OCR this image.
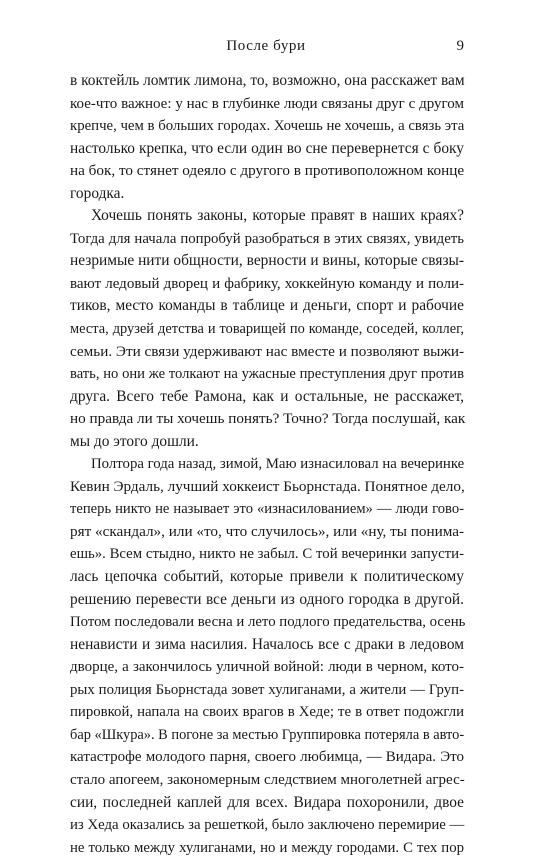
После бури	9
в коктейль ломтик лимона, то, возможно, она расскажет вам
кое-что важное: у нас в глубинке люди связаны друг с другом
крепче, чем в больших городах. Хочешь не хочешь, а связь эта
настолько крепка, что если один во сне перевернется с боку
на бок, то стянет одеяло с другого в противоположном конце
городка.
Хочешь понять законы, которые правят в наших краях?
Тогда для начала попробуй разобраться в этих связях, увидеть
незримые нити общности, верности и вины, которые связы-
вают ледовый дворец и фабрику, хоккейную команду и поли-
тиков, место команды в таблице и деньги, спорт и рабочие
места, друзей детства и товарищей по команде, соседей, коллег,
семьи. Эти связи удерживают нас вместе и позволяют выжи-
вать, но они же толкают на ужасные преступления друг против
друга. Всего тебе Рамона, как и остальные, не расскажет,
но правда ли ты хочешь понять? Точно? Тогда послушай, как
мы до этого дошли.
Полтора года назад, зимой, Маю изнасиловал на вечеринке
Кевин Эрдаль, лучший хоккеист Бьорнстада. Понятное дело,
теперь никто не называет это «изнасилованием» — люди гово-
рят «скандал», или «то, что случилось», или «ну, ты понима-
ешь». Всем стыдно, никто не забыл. С той вечеринки запусти-
лась цепочка событий, которые привели к политическому
решению перевести все деньги из одного городка в другой.
Потом последовали весна и лето подлого предательства, осень
ненависти и зима насилия. Началось все с драки в ледовом
дворце, а закончилось уличной войной: люди в черном, кото-
рых полиция Бьорнстада зовет хулиганами, а жители — Груп-
пировкой, напала на своих врагов в Хеде; те в ответ подожгли
бар «Шкура». В погоне за местью Группировка потеряла в авто-
катастрофе молодого парня, своего любимца, — Видара. Это
стало апогеем, закономерным следствием многолетней агрес-
сии, последней каплей для всех. Видара похоронили, двое
из Хеда оказались за решеткой, было заключено перемирие —
не только между хулиганами, но и между городами. С тех пор
